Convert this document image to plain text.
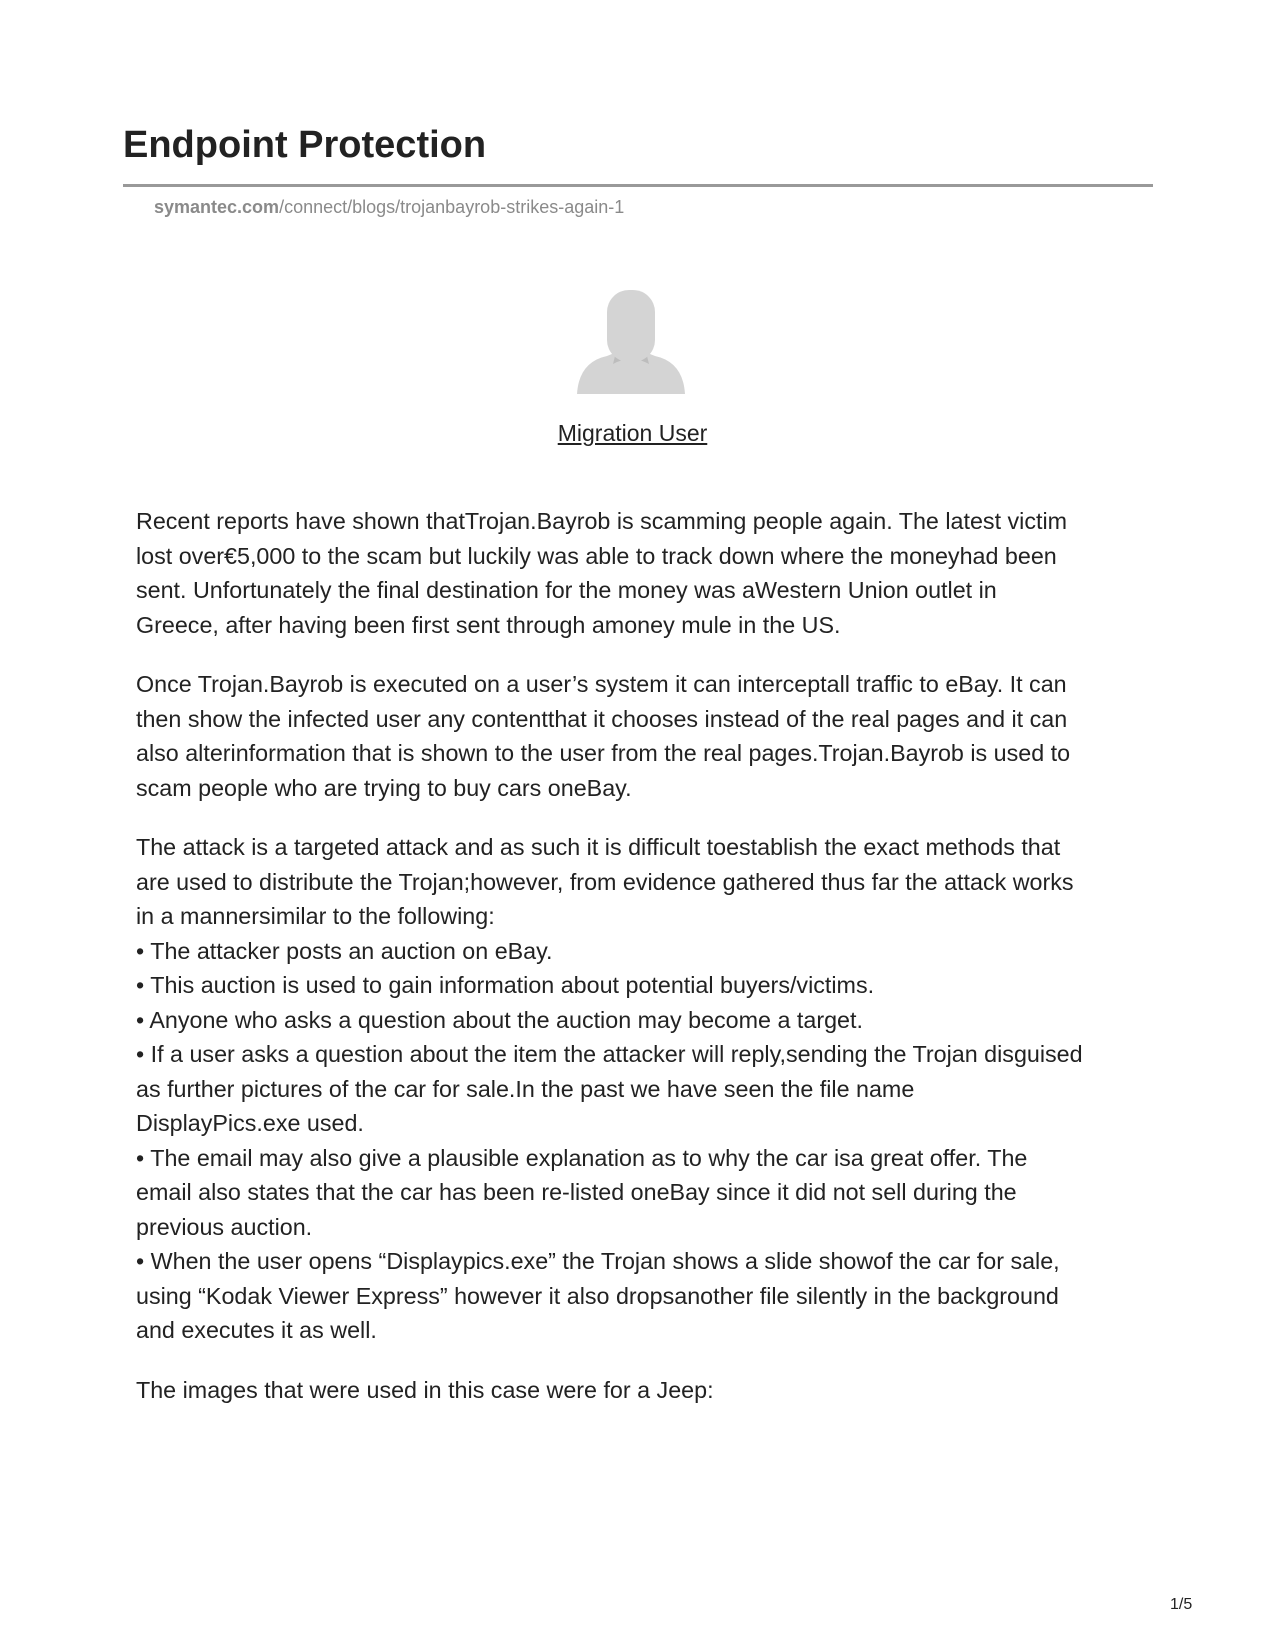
Endpoint Protection
symantec.com/connect/blogs/trojanbayrob-strikes-again-1
Migration User
Recent reports have shown thatTrojan.Bayrob is scamming people again. The latest victim
lost over€5,000 to the scam but luckily was able to track down where the moneyhad been
sent. Unfortunately the final destination for the money was aWestern Union outlet in
Greece, after having been first sent through amoney mule in the US.
Once Trojan.Bayrob is executed on a user’s system it can interceptall traffic to eBay. It can
then show the infected user any contentthat it chooses instead of the real pages and it can
also alterinformation that is shown to the user from the real pages.Trojan.Bayrob is used to
scam people who are trying to buy cars oneBay.
The attack is a targeted attack and as such it is difficult toestablish the exact methods that
are used to distribute the Trojan;however, from evidence gathered thus far the attack works
in a mannersimilar to the following:
• The attacker posts an auction on eBay.
• This auction is used to gain information about potential buyers/victims.
• Anyone who asks a question about the auction may become a target.
• If a user asks a question about the item the attacker will reply,sending the Trojan disguised
as further pictures of the car for sale.In the past we have seen the file name
DisplayPics.exe used.
• The email may also give a plausible explanation as to why the car isa great offer. The
email also states that the car has been re-listed oneBay since it did not sell during the
previous auction.
• When the user opens “Displaypics.exe” the Trojan shows a slide showof the car for sale,
using “Kodak Viewer Express” however it also dropsanother file silently in the background
and executes it as well.
The images that were used in this case were for a Jeep:
1/5
